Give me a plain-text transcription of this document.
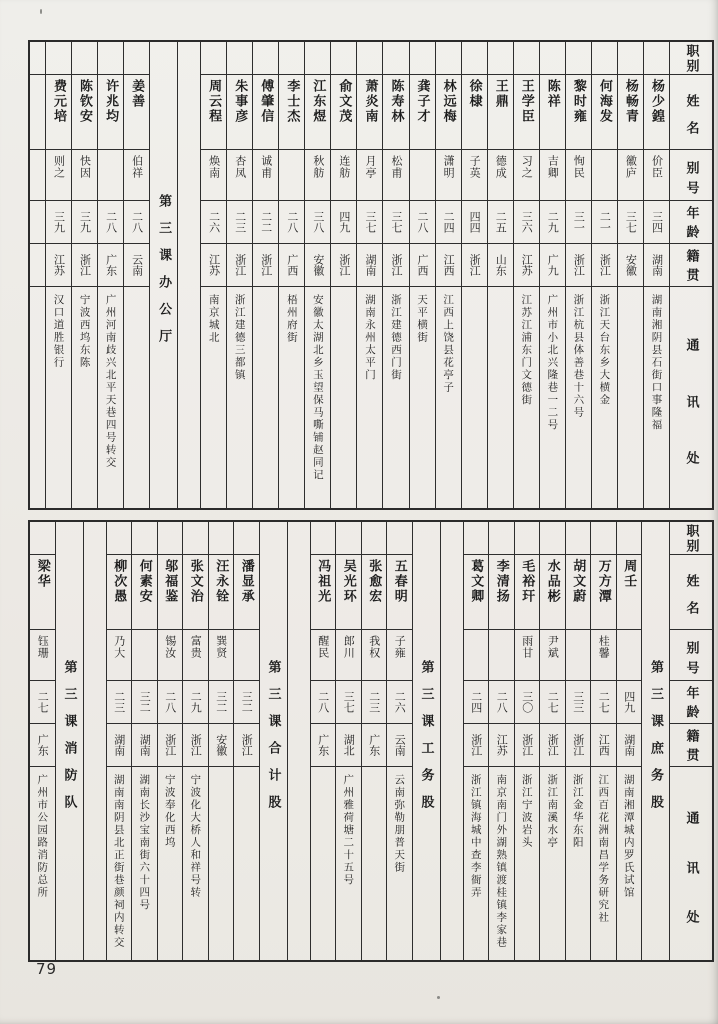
职
别
姓
名
别
号
年
龄
籍
贯
通
讯
处
杨少鍠
价臣
三四
湖南
湖南湘阴县石街口事隆福
杨畅青
徽庐
三七
安徽
何海发
二一
浙江
浙江天台东乡大横金
黎时雍
恂民
三一
浙江
浙江杭县体善巷十六号
陈祥
吉卿
二九
广九
广州市小北兴隆巷一二号
王学臣
习之
三六
江苏
江苏江浦东门文德街
王鼎
德成
二五
山东
徐棣
子英
四四
浙江
林远梅
潇明
二四
江西
江西上饶县花亭子
龚子才
二八
广西
天平横街
陈寿林
松甫
三七
浙江
浙江建德西门街
萧炎南
月亭
三七
湖南
湖南永州太平门
俞文茂
连舫
四九
浙江
江东煜
秋舫
三八
安徽
安徽太湖北乡玉望保马嘶铺赵同记
李士杰
二八
广西
梧州府街
傅肇信
诚甫
二二
浙江
朱事彦
杏凤
二三
浙江
浙江建德三都镇
周云程
焕南
二六
江苏
南京城北
第三课办公厅
姜善
伯祥
二八
云南
许兆均
二八
广东
广州河南歧兴北平天巷四号转交
陈钦安
快因
三九
浙江
宁波西坞东陈
费元培
则之
三九
江苏
汉口道胜银行
职
别
姓
名
别
号
年
龄
籍
贯
通
讯
处
第三课庶务股
周壬
四九
湖南
湖南湘潭城内罗氏试馆
万方潭
桂馨
二七
江西
江西百花洲南昌学务研究社
胡文蔚
三三
浙江
浙江金华东阳
水品彬
尹斌
二七
浙江
浙江南溪水亭
毛裕玕
雨甘
三〇
浙江
浙江宁波岩头
李清扬
二八
江苏
南京南门外湖熟镇渡桂镇李家巷
葛文卿
二四
浙江
浙江镇海城中查李衙弄
第三课工务股
五春明
子雍
二六
云南
云南弥勒朋普天街
张愈宏
我权
二三
广东
吴光环
郎川
三七
湖北
广州雅荷塘二十五号
冯祖光
醒民
二八
广东
第三课合计股
潘显承
三二
浙江
汪永铨
巽贤
三二
安徽
张文治
富贵
二九
浙江
宁波化大桥人和祥号转
邬福鉴
锡汝
二八
浙江
宁波奉化西坞
何素安
三二
湖南
湖南长沙宝南街六十四号
柳次愚
乃大
二三
湖南
湖南南阴县北正街巷颜祠内转交
第三课消防队
梁华
钰珊
二七
广东
广州市公园路消防总所
79
